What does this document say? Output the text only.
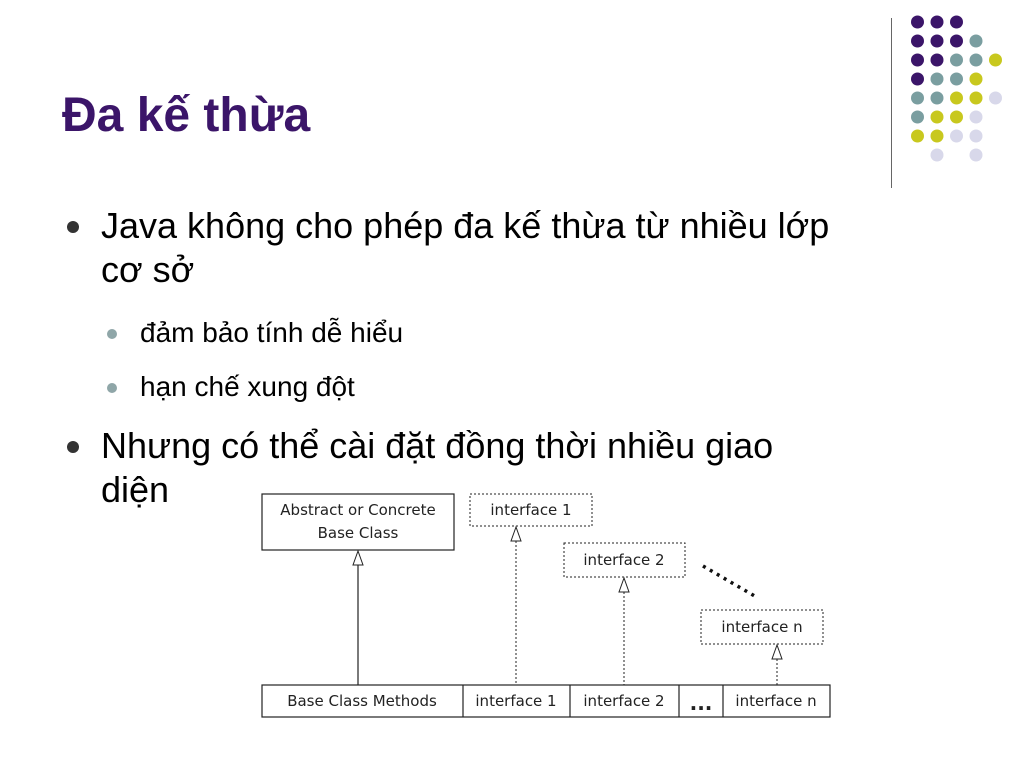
Đa kế thừa
Java không cho phép đa kế thừa từ nhiều lớp
cơ sở
đảm bảo tính dễ hiểu
hạn chế xung đột
Nhưng có thể cài đặt đồng thời nhiều giao
diện	Abstract or Concrete
Base Class
interface 1
interface 2
interface n
Base Class Methods	interface 1 interface 2 ... interface n
